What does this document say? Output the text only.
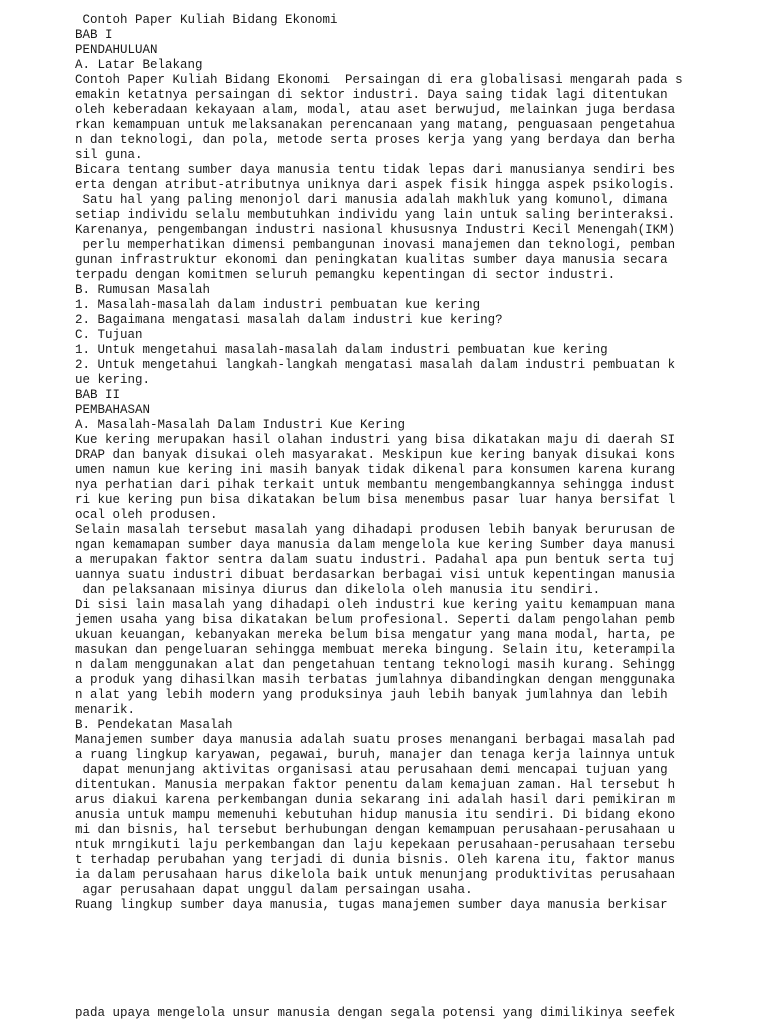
Contoh Paper Kuliah Bidang Ekonomi
BAB I
PENDAHULUAN
A. Latar Belakang
Contoh Paper Kuliah Bidang Ekonomi  Persaingan di era globalisasi mengarah pada s
emakin ketatnya persaingan di sektor industri. Daya saing tidak lagi ditentukan
oleh keberadaan kekayaan alam, modal, atau aset berwujud, melainkan juga berdasa
rkan kemampuan untuk melaksanakan perencanaan yang matang, penguasaan pengetahua
n dan teknologi, dan pola, metode serta proses kerja yang yang berdaya dan berha
sil guna.
Bicara tentang sumber daya manusia tentu tidak lepas dari manusianya sendiri bes
erta dengan atribut-atributnya uniknya dari aspek fisik hingga aspek psikologis.
Satu hal yang paling menonjol dari manusia adalah makhluk yang komunol, dimana
setiap individu selalu membutuhkan individu yang lain untuk saling berinteraksi.
Karenanya, pengembangan industri nasional khususnya Industri Kecil Menengah(IKM)
perlu memperhatikan dimensi pembangunan inovasi manajemen dan teknologi, pemban
gunan infrastruktur ekonomi dan peningkatan kualitas sumber daya manusia secara
terpadu dengan komitmen seluruh pemangku kepentingan di sector industri.
B. Rumusan Masalah
1. Masalah-masalah dalam industri pembuatan kue kering
2. Bagaimana mengatasi masalah dalam industri kue kering?
C. Tujuan
1. Untuk mengetahui masalah-masalah dalam industri pembuatan kue kering
2. Untuk mengetahui langkah-langkah mengatasi masalah dalam industri pembuatan k
ue kering.
BAB II
PEMBAHASAN
A. Masalah-Masalah Dalam Industri Kue Kering
Kue kering merupakan hasil olahan industri yang bisa dikatakan maju di daerah SI
DRAP dan banyak disukai oleh masyarakat. Meskipun kue kering banyak disukai kons
umen namun kue kering ini masih banyak tidak dikenal para konsumen karena kurang
nya perhatian dari pihak terkait untuk membantu mengembangkannya sehingga indust
ri kue kering pun bisa dikatakan belum bisa menembus pasar luar hanya bersifat l
ocal oleh produsen.
Selain masalah tersebut masalah yang dihadapi produsen lebih banyak berurusan de
ngan kemamapan sumber daya manusia dalam mengelola kue kering Sumber daya manusi
a merupakan faktor sentra dalam suatu industri. Padahal apa pun bentuk serta tuj
uannya suatu industri dibuat berdasarkan berbagai visi untuk kepentingan manusia
dan pelaksanaan misinya diurus dan dikelola oleh manusia itu sendiri.
Di sisi lain masalah yang dihadapi oleh industri kue kering yaitu kemampuan mana
jemen usaha yang bisa dikatakan belum profesional. Seperti dalam pengolahan pemb
ukuan keuangan, kebanyakan mereka belum bisa mengatur yang mana modal, harta, pe
masukan dan pengeluaran sehingga membuat mereka bingung. Selain itu, keterampila
n dalam menggunakan alat dan pengetahuan tentang teknologi masih kurang. Sehingg
a produk yang dihasilkan masih terbatas jumlahnya dibandingkan dengan menggunaka
n alat yang lebih modern yang produksinya jauh lebih banyak jumlahnya dan lebih
menarik.
B. Pendekatan Masalah
Manajemen sumber daya manusia adalah suatu proses menangani berbagai masalah pad
a ruang lingkup karyawan, pegawai, buruh, manajer dan tenaga kerja lainnya untuk
dapat menunjang aktivitas organisasi atau perusahaan demi mencapai tujuan yang
ditentukan. Manusia merpakan faktor penentu dalam kemajuan zaman. Hal tersebut h
arus diakui karena perkembangan dunia sekarang ini adalah hasil dari pemikiran m
anusia untuk mampu memenuhi kebutuhan hidup manusia itu sendiri. Di bidang ekono
mi dan bisnis, hal tersebut berhubungan dengan kemampuan perusahaan-perusahaan u
ntuk mrngikuti laju perkembangan dan laju kepekaan perusahaan-perusahaan tersebu
t terhadap perubahan yang terjadi di dunia bisnis. Oleh karena itu, faktor manus
ia dalam perusahaan harus dikelola baik untuk menunjang produktivitas perusahaan
agar perusahaan dapat unggul dalam persaingan usaha.
Ruang lingkup sumber daya manusia, tugas manajemen sumber daya manusia berkisar
pada upaya mengelola unsur manusia dengan segala potensi yang dimilikinya seefek
